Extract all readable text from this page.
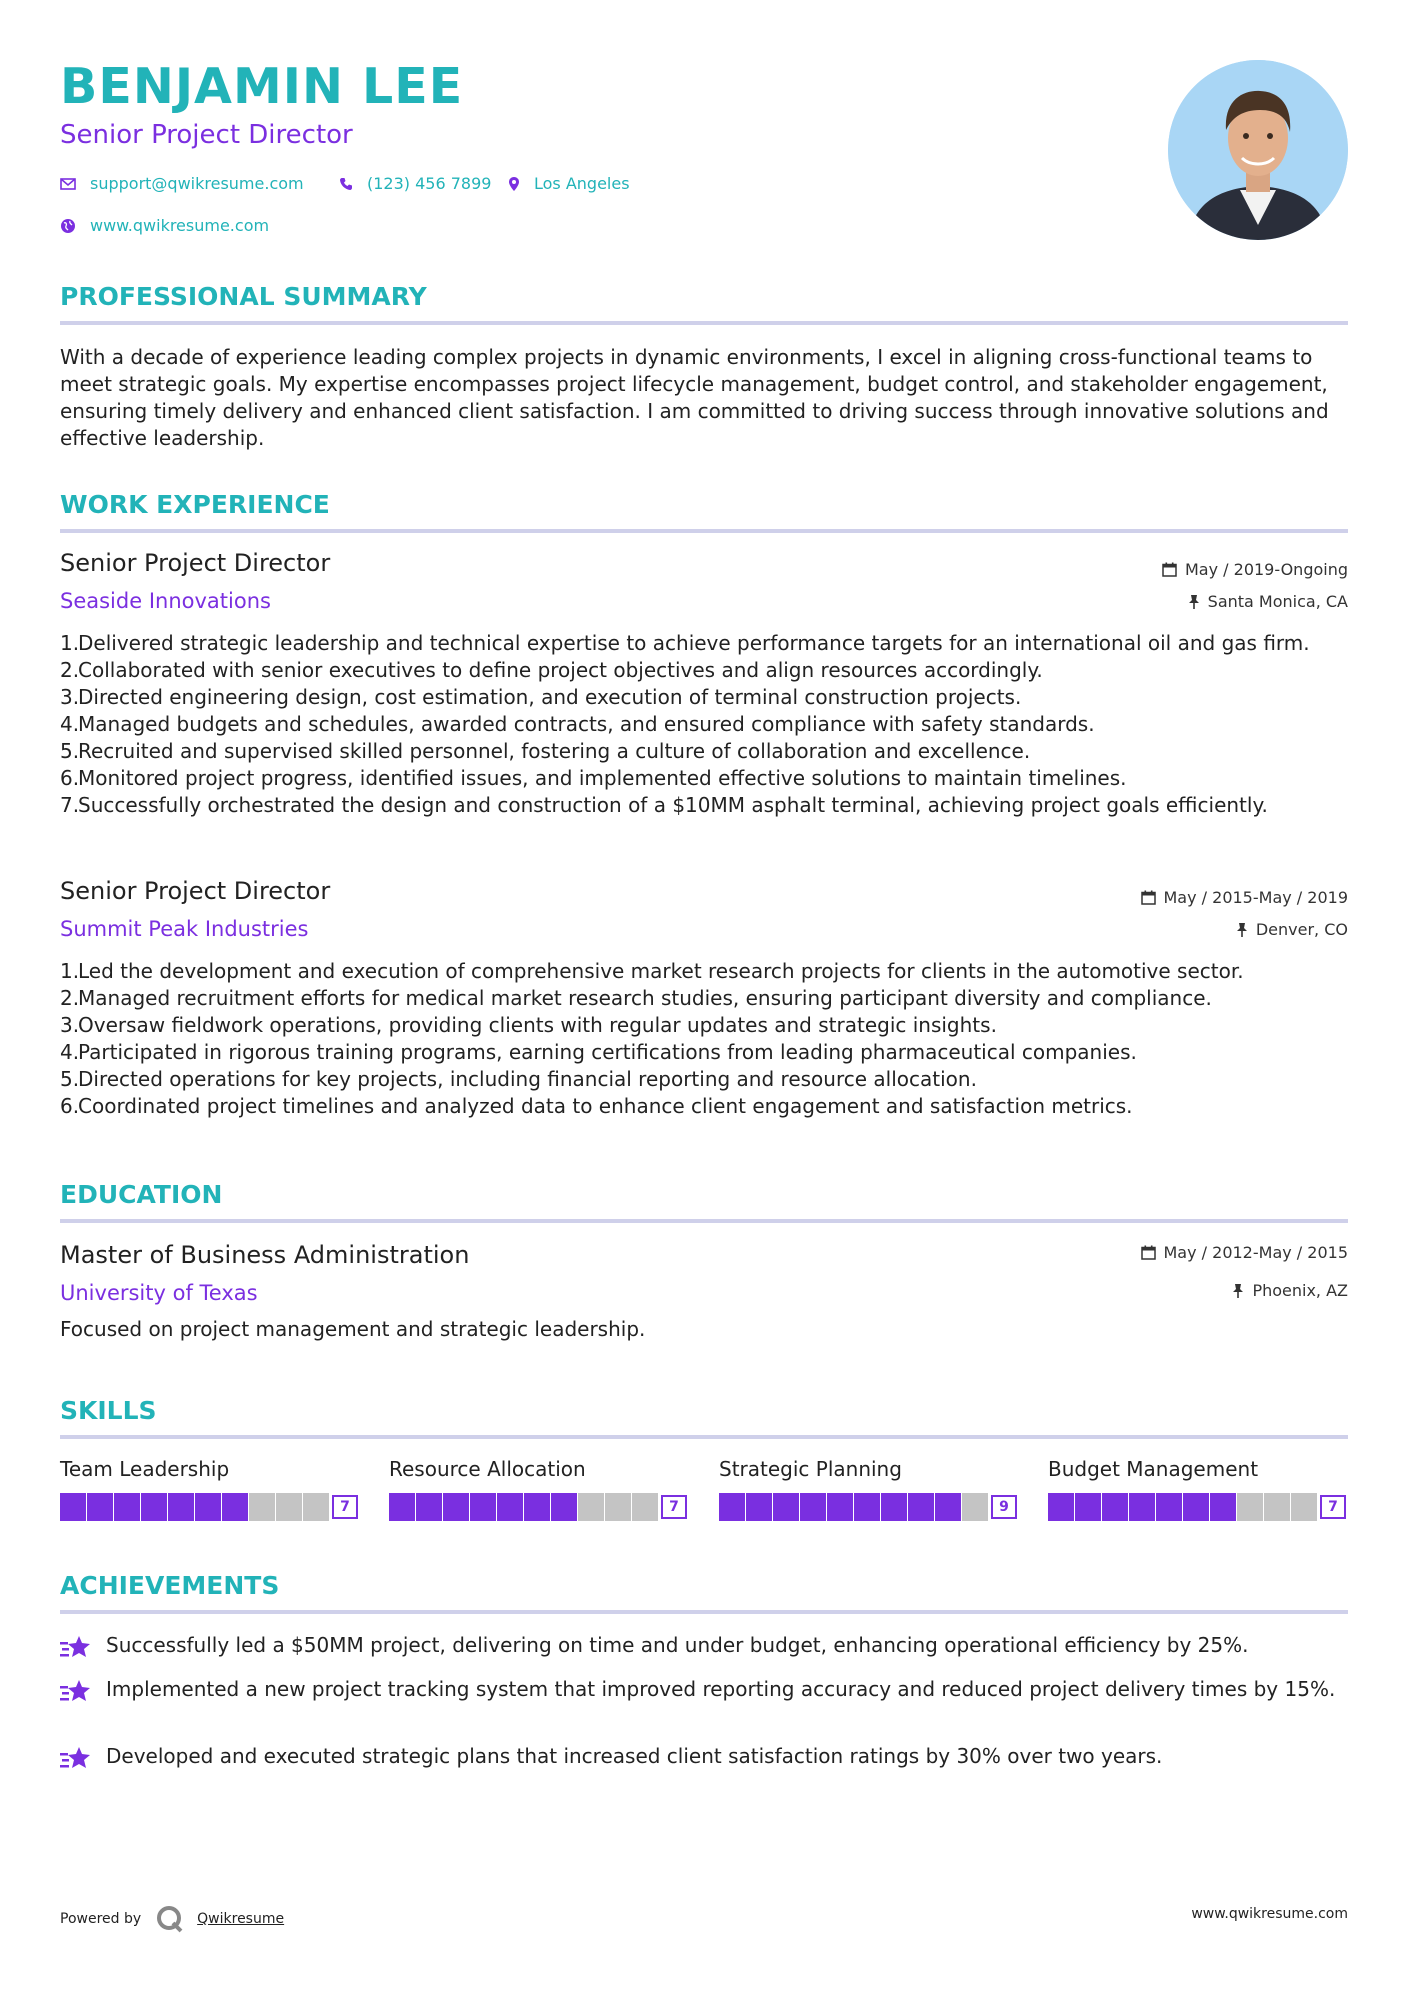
BENJAMIN LEE
Senior Project Director
support@qwikresume.com	(123) 456 7899	Los Angeles
www.qwikresume.com
PROFESSIONAL SUMMARY
With a decade of experience leading complex projects in dynamic environments, I excel in aligning cross-functional teams to meet strategic goals. My expertise encompasses project lifecycle management, budget control, and stakeholder engagement, ensuring timely delivery and enhanced client satisfaction. I am committed to driving success through innovative solutions and effective leadership.
WORK EXPERIENCE
Senior Project Director
Seaside Innovations
May / 2019-Ongoing
Santa Monica, CA
1.
Delivered strategic leadership and technical expertise to achieve performance targets for an international oil and gas firm.
2.
Collaborated with senior executives to define project objectives and align resources accordingly.
3.
Directed engineering design, cost estimation, and execution of terminal construction projects.
4.
Managed budgets and schedules, awarded contracts, and ensured compliance with safety standards.
5.
Recruited and supervised skilled personnel, fostering a culture of collaboration and excellence.
6.
Monitored project progress, identified issues, and implemented effective solutions to maintain timelines.
7.
Successfully orchestrated the design and construction of a $10MM asphalt terminal, achieving project goals efficiently.
Senior Project Director
Summit Peak Industries
May / 2015-May / 2019
Denver, CO
1.
Led the development and execution of comprehensive market research projects for clients in the automotive sector.
2.
Managed recruitment efforts for medical market research studies, ensuring participant diversity and compliance.
3.
Oversaw fieldwork operations, providing clients with regular updates and strategic insights.
4.
Participated in rigorous training programs, earning certifications from leading pharmaceutical companies.
5.
Directed operations for key projects, including financial reporting and resource allocation.
6.
Coordinated project timelines and analyzed data to enhance client engagement and satisfaction metrics.
EDUCATION
Master of Business Administration
University of Texas
May / 2012-May / 2015
Phoenix, AZ
Focused on project management and strategic leadership.
SKILLS
Team Leadership
7
Resource Allocation
7
Strategic Planning
9
Budget Management
7
ACHIEVEMENTS
Successfully led a $50MM project, delivering on time and under budget, enhancing operational efficiency by 25%.
Implemented a new project tracking system that improved reporting accuracy and reduced project delivery times by 15%.
Developed and executed strategic plans that increased client satisfaction ratings by 30% over two years.
Powered by	Qwikresume	www.qwikresume.com
